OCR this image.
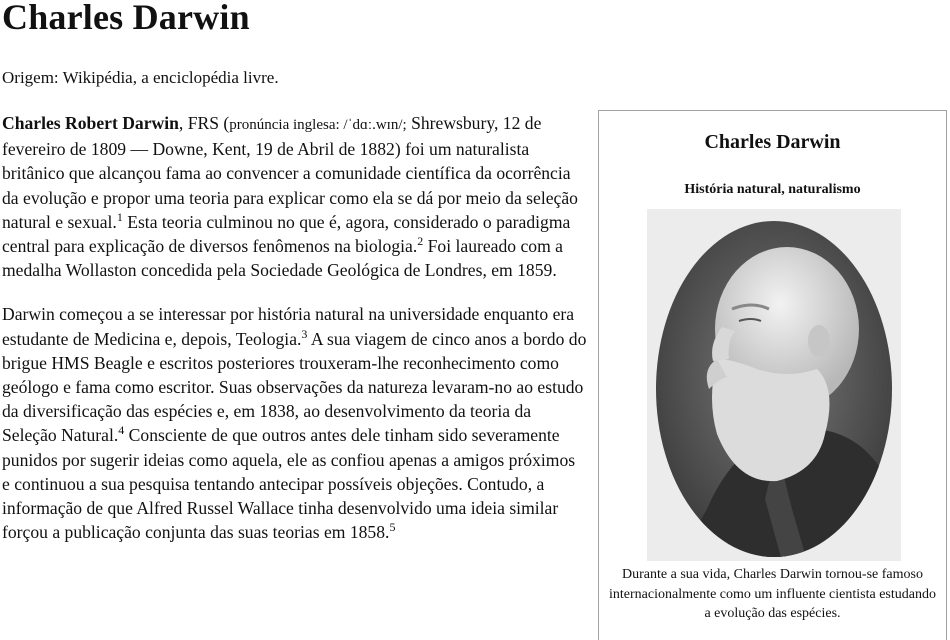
Charles Darwin
Origem: Wikipédia, a enciclopédia livre.

Charles Robert Darwin, FRS (pronúncia inglesa: /ˈdɑː.wɪn/; Shrewsbury, 12 de fevereiro de 1809 — Downe, Kent, 19 de Abril de 1882) foi um naturalista britânico que alcançou fama ao convencer a comunidade científica da ocorrência da evolução e propor uma teoria para explicar como ela se dá por meio da seleção natural e sexual.$^1$ Esta teoria culminou no que é, agora, considerado o paradigma central para explicação de diversos fenômenos na biologia.$^2$ Foi laureado com a medalha Wollaston concedida pela Sociedade Geológica de Londres, em 1859.

Darwin começou a se interessar por história natural na universidade enquanto era estudante de Medicina e, depois, Teologia.$^3$ A sua viagem de cinco anos a bordo do brigue HMS Beagle e escritos posteriores trouxeram-lhe reconhecimento como geólogo e fama como escritor. Suas observações da natureza levaram-no ao estudo da diversificação das espécies e, em 1838, ao desenvolvimento da teoria da Seleção Natural.$^4$ Consciente de que outros antes dele tinham sido severamente punidos por sugerir ideias como aquela, ele as confiou apenas a amigos próximos e continuou a sua pesquisa tentando antecipar possíveis objeções. Contudo, a informação de que Alfred Russel Wallace tinha desenvolvido uma ideia similar forçou a publicação conjunta das suas teorias em 1858.$^5$

Charles Darwin
História natural, naturalismo
Durante a sua vida, Charles Darwin tornou-se famoso internacionalmente como um influente cientista estudando a evolução das espécies.
